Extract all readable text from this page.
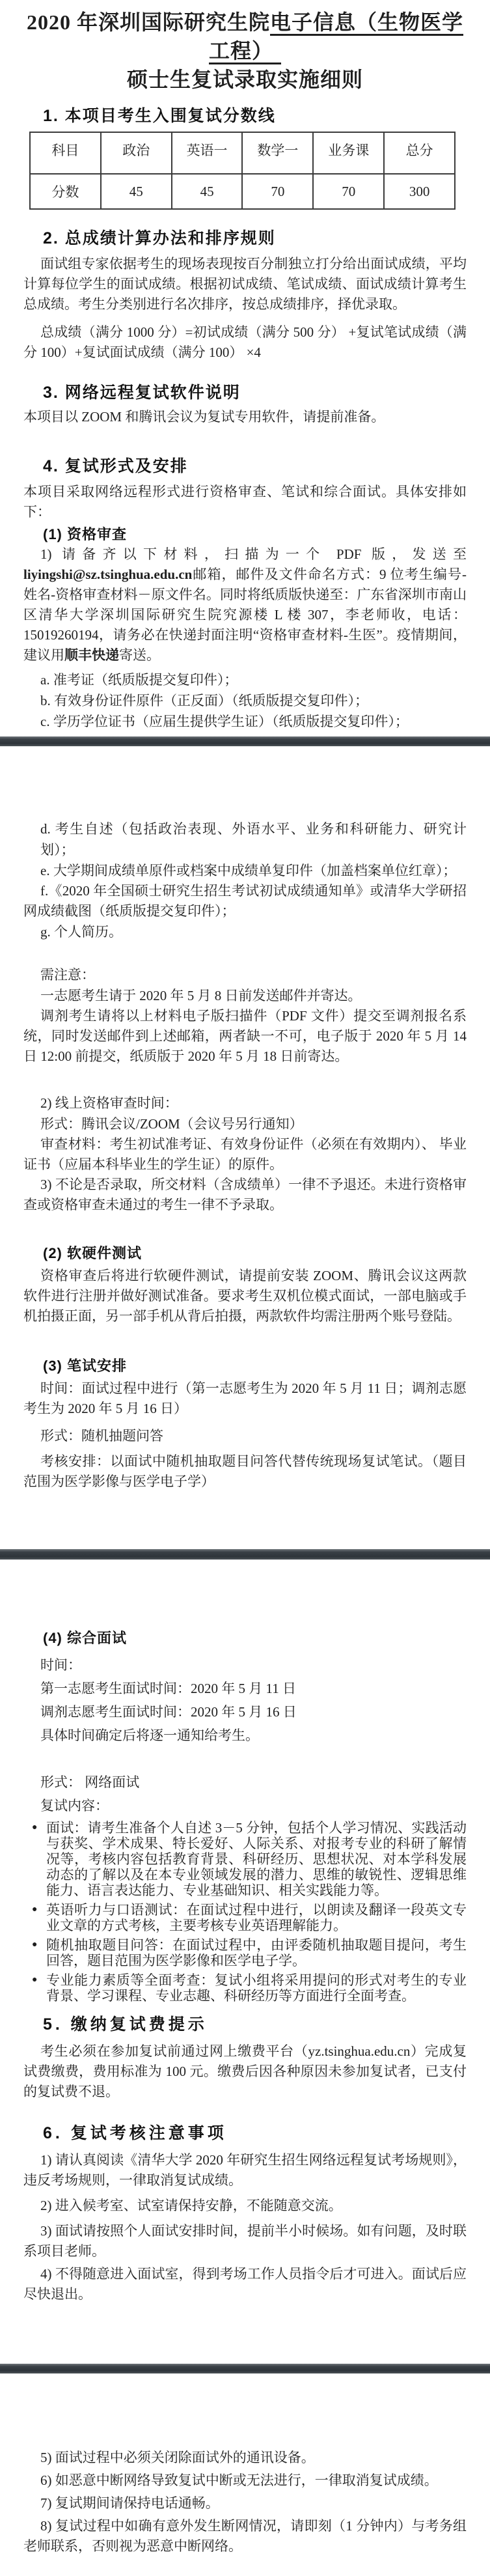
2020 年深圳国际研究生院电子信息（生物医学工程）
硕士生复试录取实施细则
1. 本项目考生入围复试分数线
科目	政治	英语一	数学一	业务课	总分
分数	45	45	70	70	300
2. 总成绩计算办法和排序规则

面试组专家依据考生的现场表现按百分制独立打分给出面试成绩，平均计算每位学生的面试成绩。根据初试成绩、笔试成绩、面试成绩计算考生总成绩。考生分类别进行名次排序，按总成绩排序，择优录取。

总成绩（满分 1000 分）=初试成绩（满分 500 分） +复试笔试成绩（满分 100）+复试面试成绩（满分 100） ×4

3. 网络远程复试软件说明

本项目以 ZOOM 和腾讯会议为复试专用软件，请提前准备。

4. 复试形式及安排

本项目采取网络远程形式进行资格审查、笔试和综合面试。具体安排如下：

(1) 资格审查

1) 请备齐以下材料，扫描为一个 PDF 版，发送至 liyingshi@sz.tsinghua.edu.cn邮箱，邮件及文件命名方式：9 位考生编号-姓名-资格审查材料－原文件名。同时将纸质版快递至：广东省深圳市南山区清华大学深圳国际研究生院究源楼 L 楼 307，李老师收，电话：15019260194，请务必在快递封面注明“资格审查材料-生医”。疫情期间，建议用顺丰快递寄送。

a. 准考证（纸质版提交复印件）；

b. 有效身份证件原件（正反面）（纸质版提交复印件）；

c. 学历学位证书（应届生提供学生证）（纸质版提交复印件）；

d. 考生自述（包括政治表现、外语水平、业务和科研能力、研究计划）；

e. 大学期间成绩单原件或档案中成绩单复印件（加盖档案单位红章）；

f.《2020 年全国硕士研究生招生考试初试成绩通知单》或清华大学研招网成绩截图（纸质版提交复印件）；

g. 个人简历。

需注意：

一志愿考生请于 2020 年 5 月 8 日前发送邮件并寄达。

调剂考生请将以上材料电子版扫描件（PDF 文件）提交至调剂报名系统，同时发送邮件到上述邮箱，两者缺一不可，电子版于 2020 年 5 月 14 日 12:00 前提交，纸质版于 2020 年 5 月 18 日前寄达。

2) 线上资格审查时间：

形式：腾讯会议/ZOOM（会议号另行通知）

审查材料：考生初试准考证、有效身份证件（必须在有效期内）、 毕业证书（应届本科毕业生的学生证）的原件。

3) 不论是否录取，所交材料（含成绩单）一律不予退还。未进行资格审查或资格审查未通过的考生一律不予录取。

(2) 软硬件测试

资格审查后将进行软硬件测试，请提前安装 ZOOM、腾讯会议这两款软件进行注册并做好测试准备。要求考生双机位模式面试，一部电脑或手机拍摄正面，另一部手机从背后拍摄，两款软件均需注册两个账号登陆。

(3) 笔试安排

时间：面试过程中进行（第一志愿考生为 2020 年 5 月 11 日；调剂志愿考生为 2020 年 5 月 16 日）

形式：随机抽题问答

考核安排：以面试中随机抽取题目问答代替传统现场复试笔试。（题目范围为医学影像与医学电子学）

(4) 综合面试

时间：

第一志愿考生面试时间：2020 年 5 月 11 日

调剂志愿考生面试时间：2020 年 5 月 16 日

具体时间确定后将逐一通知给考生。

形式： 网络面试

复试内容：

● 面试：请考生准备个人自述 3－5 分钟，包括个人学习情况、实践活动与获奖、学术成果、特长爱好、人际关系、对报考专业的科研了解情况等，考核内容包括教育背景、科研经历、思想状况、对本学科发展动态的了解以及在本专业领域发展的潜力、思维的敏锐性、逻辑思维能力、语言表达能力、专业基础知识、相关实践能力等。
● 英语听力与口语测试：在面试过程中进行，以朗读及翻译一段英文专业文章的方式考核，主要考核专业英语理解能力。
● 随机抽取题目问答：在面试过程中，由评委随机抽取题目提问，考生回答，题目范围为医学影像和医学电子学。
● 专业能力素质等全面考查：复试小组将采用提问的形式对考生的专业背景、学习课程、专业志趣、科研经历等方面进行全面考查。
5. 缴纳复试费提示

考生必须在参加复试前通过网上缴费平台（yz.tsinghua.edu.cn）完成复试费缴费，费用标准为 100 元。缴费后因各种原因未参加复试者，已支付的复试费不退。

6. 复试考核注意事项

1) 请认真阅读《清华大学 2020 年研究生招生网络远程复试考场规则》，违反考场规则，一律取消复试成绩。

2) 进入候考室、试室请保持安静，不能随意交流。

3) 面试请按照个人面试安排时间，提前半小时候场。如有问题，及时联系项目老师。

4) 不得随意进入面试室，得到考场工作人员指令后才可进入。面试后应尽快退出。

5) 面试过程中必须关闭除面试外的通讯设备。

6) 如恶意中断网络导致复试中断或无法进行，一律取消复试成绩。

7) 复试期间请保持电话通畅。

8) 复试过程中如确有意外发生断网情况，请即刻（1 分钟内）与考务组老师联系，否则视为恶意中断网络。
